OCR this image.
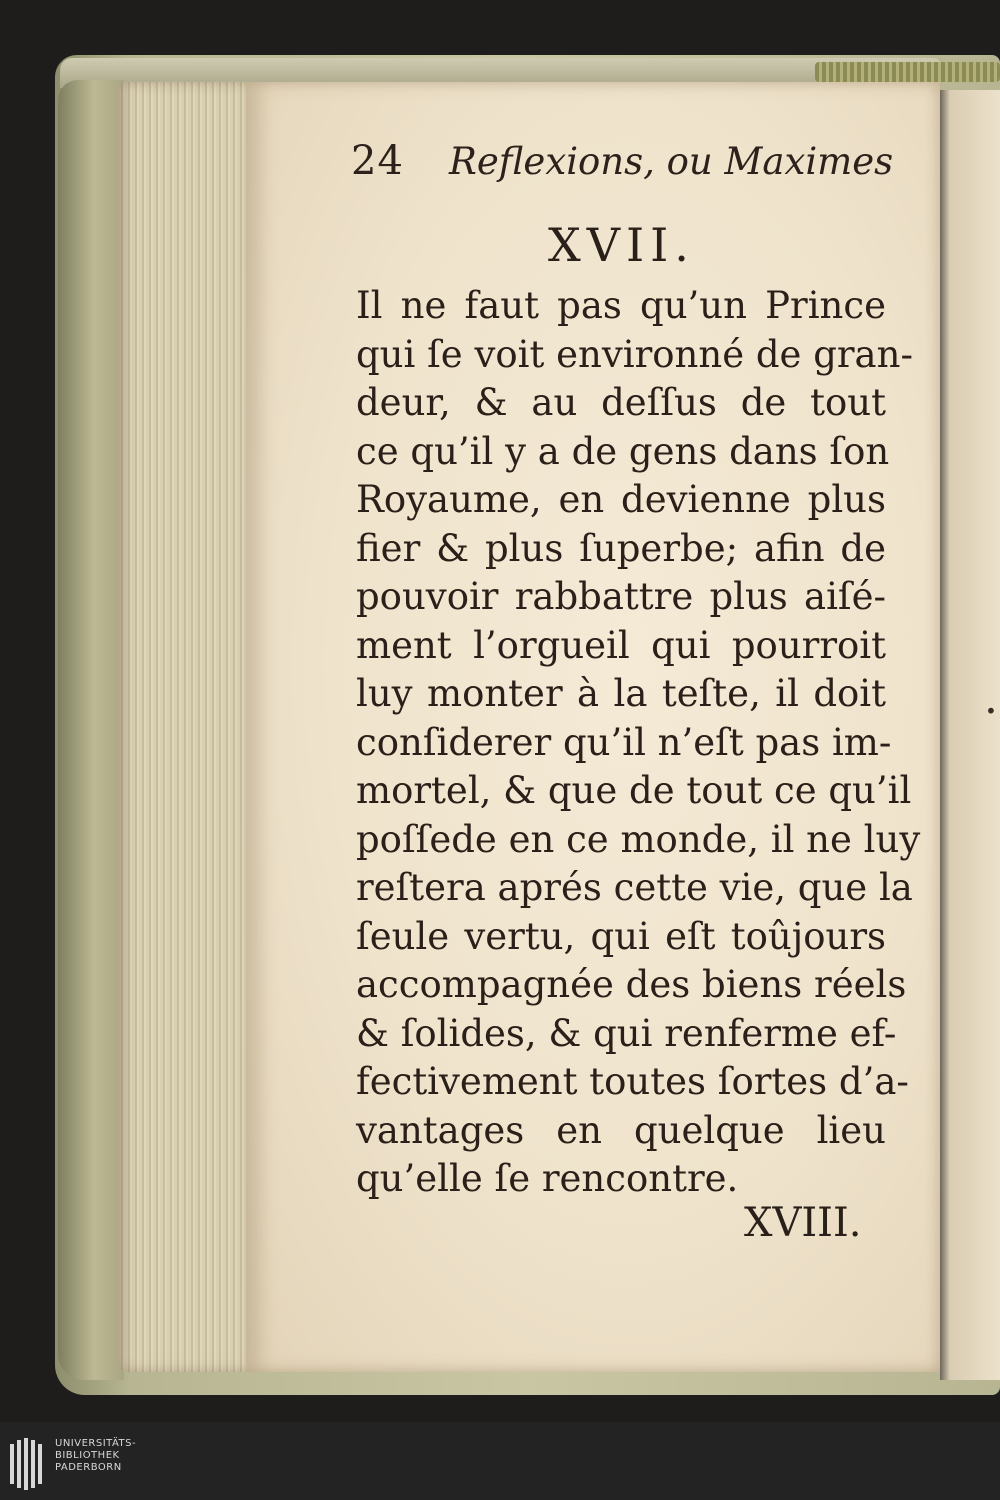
·
24 Reflexions, ou Maximes
XVII.
Il ne faut pas qu’un Prince
qui ſe voit environné de gran-
deur, & au deſſus de tout
ce qu’il y a de gens dans ſon
Royaume, en devienne plus
fier & plus ſuperbe; afin de
pouvoir rabbattre plus aiſé-
ment l’orgueil qui pourroit
luy monter à la teſte, il doit
conſiderer qu’il n’eſt pas im-
mortel, & que de tout ce qu’il
poſſede en ce monde, il ne luy
reſtera aprés cette vie, que la
ſeule vertu, qui eſt toûjours
accompagnée des biens réels
& ſolides, & qui renferme ef-
fectivement toutes ſortes d’a-
vantages en quelque lieu
qu’elle ſe rencontre.
XVIII.
UNIVERSITÄTS-
BIBLIOTHEK
PADERBORN
